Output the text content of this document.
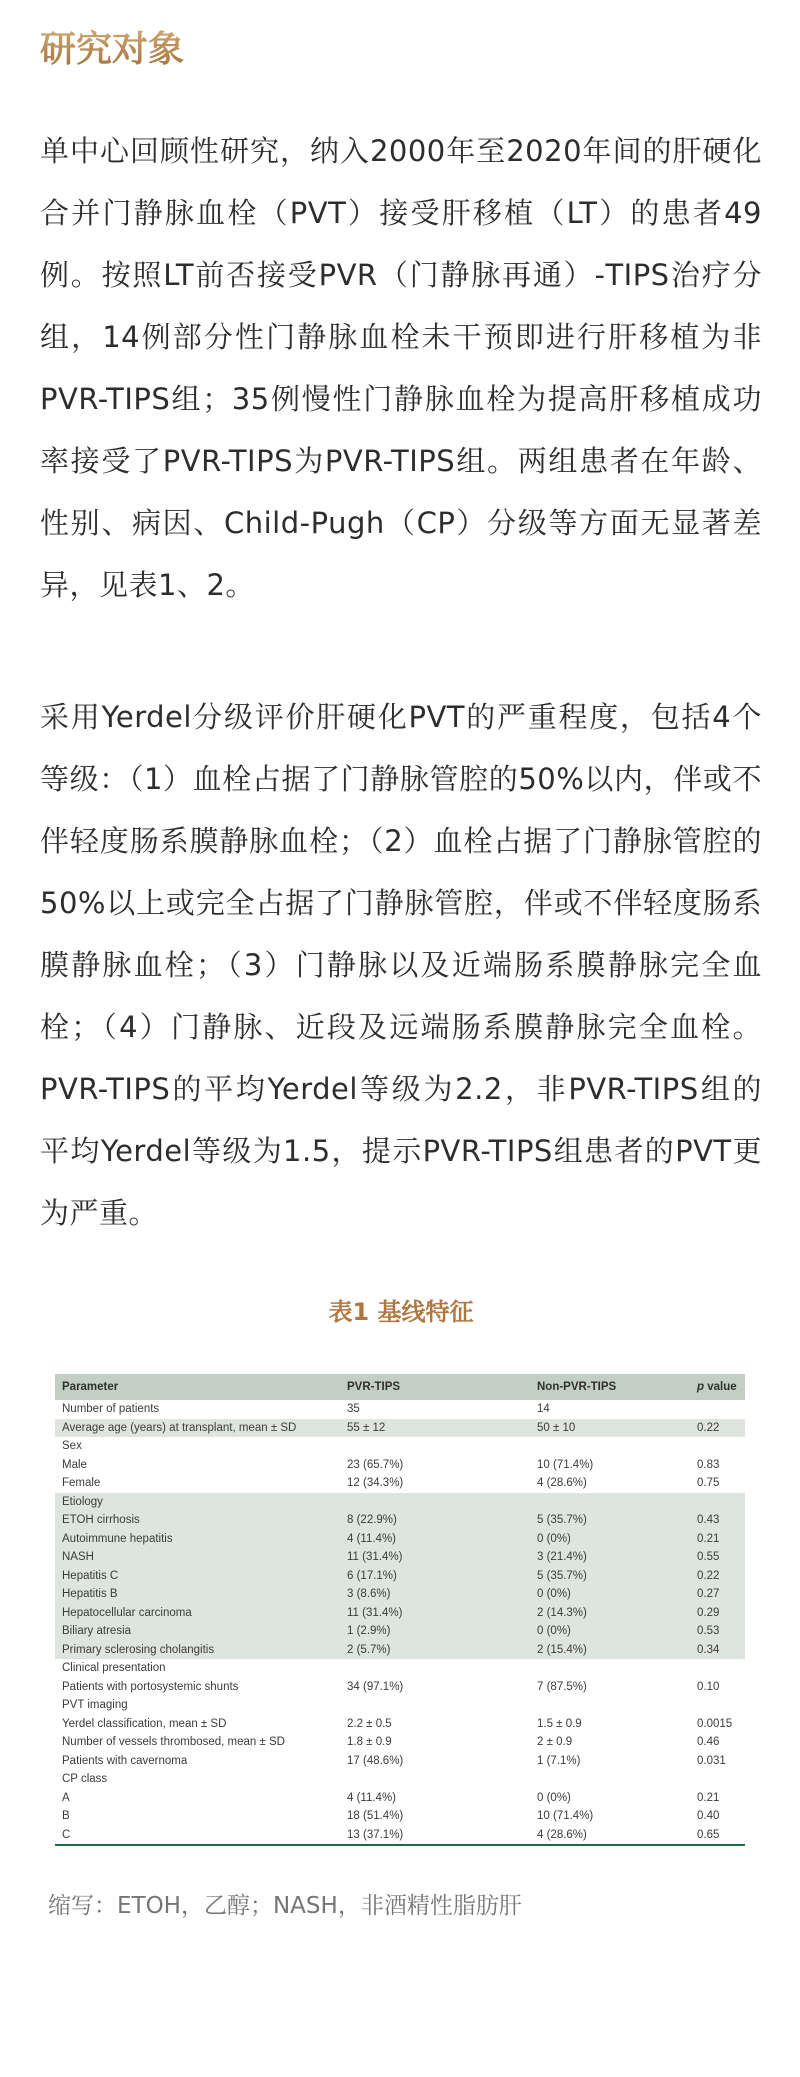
研究对象

单中心回顾性研究，纳入2000年至2020年间的肝硬化合并门静脉血栓（PVT）接受肝移植（LT）的患者49例。按照LT前否接受PVR（门静脉再通）-TIPS治疗分组，14例部分性门静脉血栓未干预即进行肝移植为非PVR-TIPS组；35例慢性门静脉血栓为提高肝移植成功率接受了PVR-TIPS为PVR-TIPS组。两组患者在年龄、性别、病因、Child-Pugh（CP）分级等方面无显著差异，见表1、2。

采用Yerdel分级评价肝硬化PVT的严重程度，包括4个等级：（1）血栓占据了门静脉管腔的50%以内，伴或不伴轻度肠系膜静脉血栓；（2）血栓占据了门静脉管腔的50%以上或完全占据了门静脉管腔，伴或不伴轻度肠系膜静脉血栓；（3）门静脉以及近端肠系膜静脉完全血栓；（4）门静脉、近段及远端肠系膜静脉完全血栓。PVR-TIPS的平均Yerdel等级为2.2，非PVR-TIPS组的平均Yerdel等级为1.5，提示PVR-TIPS组患者的PVT更为严重。

表1 基线特征
Parameter	PVR-TIPS	Non-PVR-TIPS	p value
Number of patients	35	14	
Average age (years) at transplant, mean ± SD	55 ± 12	50 ± 10	0.22
Sex			
Male	23 (65.7%)	10 (71.4%)	0.83
Female	12 (34.3%)	4 (28.6%)	0.75
Etiology			
ETOH cirrhosis	8 (22.9%)	5 (35.7%)	0.43
Autoimmune hepatitis	4 (11.4%)	0 (0%)	0.21
NASH	11 (31.4%)	3 (21.4%)	0.55
Hepatitis C	6 (17.1%)	5 (35.7%)	0.22
Hepatitis B	3 (8.6%)	0 (0%)	0.27
Hepatocellular carcinoma	11 (31.4%)	2 (14.3%)	0.29
Biliary atresia	1 (2.9%)	0 (0%)	0.53
Primary sclerosing cholangitis	2 (5.7%)	2 (15.4%)	0.34
Clinical presentation			
Patients with portosystemic shunts	34 (97.1%)	7 (87.5%)	0.10
PVT imaging			
Yerdel classification, mean ± SD	2.2 ± 0.5	1.5 ± 0.9	0.0015
Number of vessels thrombosed, mean ± SD	1.8 ± 0.9	2 ± 0.9	0.46
Patients with cavernoma	17 (48.6%)	1 (7.1%)	0.031
CP class			
A	4 (11.4%)	0 (0%)	0.21
B	18 (51.4%)	10 (71.4%)	0.40
C	13 (37.1%)	4 (28.6%)	0.65
缩写：ETOH，乙醇；NASH，非酒精性脂肪肝
